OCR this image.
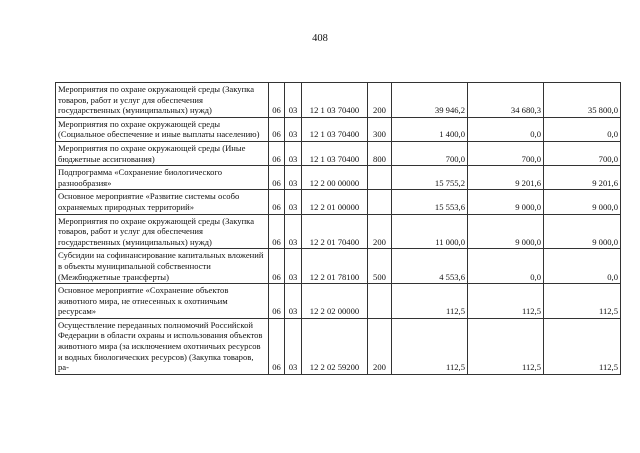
408
Мероприятия по охране окружающей среды (Закупка товаров, работ и услуг для обеспечения государственных (муниципальных) нужд)	06	03	12 1 03 70400	200	39 946,2	34 680,3	35 800,0
Мероприятия по охране окружающей среды (Социальное обеспечение и иные выплаты населению)	06	03	12 1 03 70400	300	1 400,0	0,0	0,0
Мероприятия по охране окружающей среды (Иные бюджетные ассигнования)	06	03	12 1 03 70400	800	700,0	700,0	700,0
Подпрограмма «Сохранение биологического разнообразия»	06	03	12 2 00 00000		15 755,2	9 201,6	9 201,6
Основное мероприятие «Развитие системы особо охраняемых природных территорий»	06	03	12 2 01 00000		15 553,6	9 000,0	9 000,0
Мероприятия по охране окружающей среды (Закупка товаров, работ и услуг для обеспечения государственных (муниципальных) нужд)	06	03	12 2 01 70400	200	11 000,0	9 000,0	9 000,0
Субсидии на софинансирование капитальных вложений в объекты муниципальной собственности (Межбюджетные трансферты)	06	03	12 2 01 78100	500	4 553,6	0,0	0,0
Основное мероприятие «Сохранение объектов животного мира, не отнесенных к охотничьим ресурсам»	06	03	12 2 02 00000		112,5	112,5	112,5
Осуществление переданных полномочий Российской Федерации в области охраны и использования объектов животного мира (за исключением охотничьих ресурсов и водных биологических ресурсов) (Закупка товаров, ра-	06	03	12 2 02 59200	200	112,5	112,5	112,5
